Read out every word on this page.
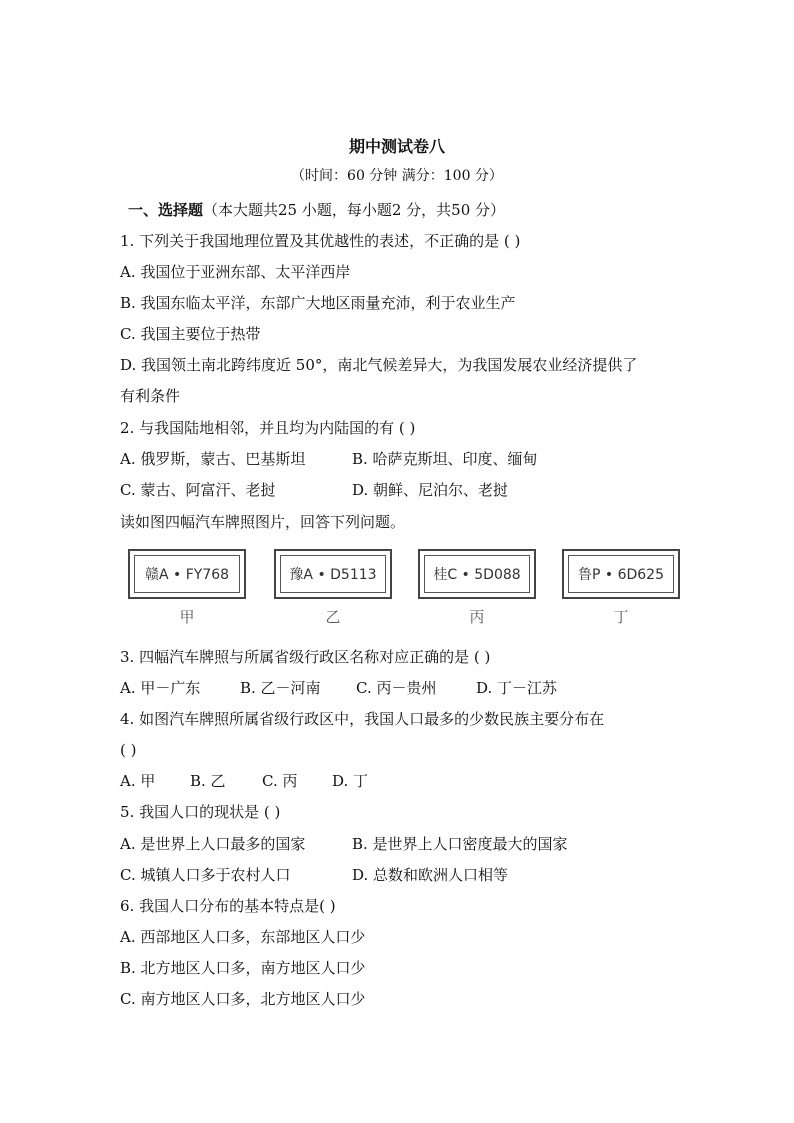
期中测试卷八
（时间：60 分钟 满分：100 分）
一、选择题（本大题共25 小题，每小题2 分，共50 分）
1. 下列关于我国地理位置及其优越性的表述，不正确的是 ( )
A. 我国位于亚洲东部、太平洋西岸
B. 我国东临太平洋，东部广大地区雨量充沛，利于农业生产
C. 我国主要位于热带
D. 我国领土南北跨纬度近 50°，南北气候差异大，为我国发展农业经济提供了
有利条件
2. 与我国陆地相邻，并且均为内陆国的有 ( )
A. 俄罗斯，蒙古、巴基斯坦	B. 哈萨克斯坦、印度、缅甸
C. 蒙古、阿富汗、老挝	D. 朝鲜、尼泊尔、老挝
读如图四幅汽车牌照图片，回答下列问题。
赣A • FY768
甲
豫A • D5113
乙
桂C • 5D088
丙
鲁P • 6D625
丁
3. 四幅汽车牌照与所属省级行政区名称对应正确的是 ( )
A. 甲－广东	B. 乙－河南 C. 丙－贵州	D. 丁－江苏
4. 如图汽车牌照所属省级行政区中，我国人口最多的少数民族主要分布在
( )
A. 甲 B. 乙 C. 丙 D. 丁
5. 我国人口的现状是 ( )
A. 是世界上人口最多的国家	B. 是世界上人口密度最大的国家
C. 城镇人口多于农村人口	D. 总数和欧洲人口相等
6. 我国人口分布的基本特点是( )
A. 西部地区人口多，东部地区人口少
B. 北方地区人口多，南方地区人口少
C. 南方地区人口多，北方地区人口少
